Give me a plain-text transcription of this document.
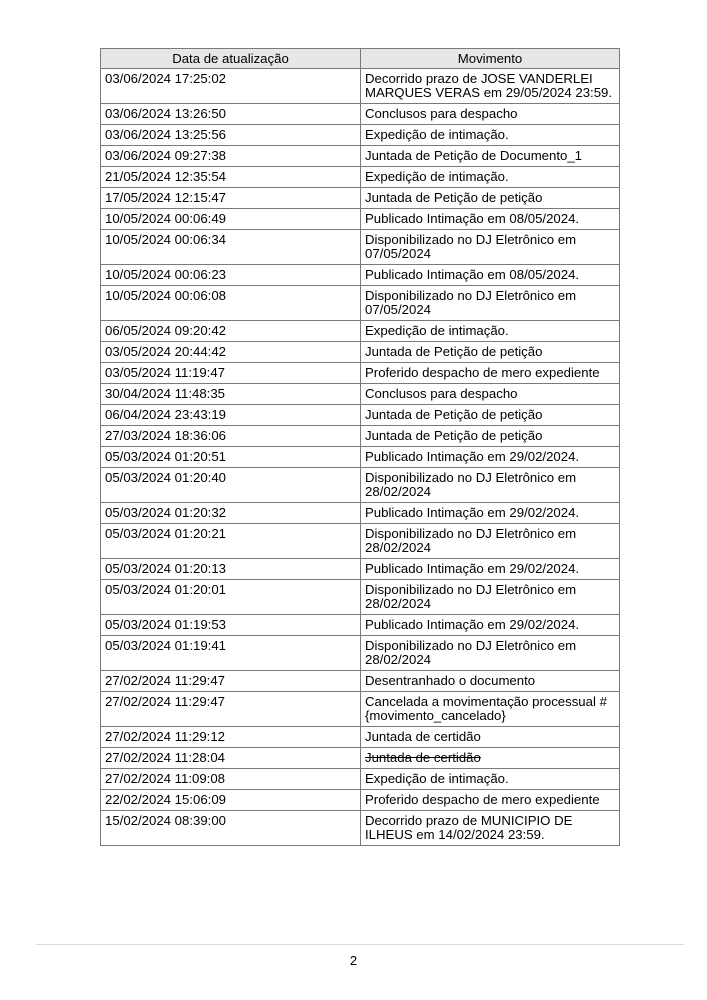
Data de atualização	Movimento
03/06/2024 17:25:02	Decorrido prazo de JOSE VANDERLEI MARQUES VERAS em 29/05/2024 23:59.
03/06/2024 13:26:50	Conclusos para despacho
03/06/2024 13:25:56	Expedição de intimação.
03/06/2024 09:27:38	Juntada de Petição de Documento_1
21/05/2024 12:35:54	Expedição de intimação.
17/05/2024 12:15:47	Juntada de Petição de petição
10/05/2024 00:06:49	Publicado Intimação em 08/05/2024.
10/05/2024 00:06:34	Disponibilizado no DJ Eletrônico em 07/05/2024
10/05/2024 00:06:23	Publicado Intimação em 08/05/2024.
10/05/2024 00:06:08	Disponibilizado no DJ Eletrônico em 07/05/2024
06/05/2024 09:20:42	Expedição de intimação.
03/05/2024 20:44:42	Juntada de Petição de petição
03/05/2024 11:19:47	Proferido despacho de mero expediente
30/04/2024 11:48:35	Conclusos para despacho
06/04/2024 23:43:19	Juntada de Petição de petição
27/03/2024 18:36:06	Juntada de Petição de petição
05/03/2024 01:20:51	Publicado Intimação em 29/02/2024.
05/03/2024 01:20:40	Disponibilizado no DJ Eletrônico em 28/02/2024
05/03/2024 01:20:32	Publicado Intimação em 29/02/2024.
05/03/2024 01:20:21	Disponibilizado no DJ Eletrônico em 28/02/2024
05/03/2024 01:20:13	Publicado Intimação em 29/02/2024.
05/03/2024 01:20:01	Disponibilizado no DJ Eletrônico em 28/02/2024
05/03/2024 01:19:53	Publicado Intimação em 29/02/2024.
05/03/2024 01:19:41	Disponibilizado no DJ Eletrônico em 28/02/2024
27/02/2024 11:29:47	Desentranhado o documento
27/02/2024 11:29:47	Cancelada a movimentação processual #{movimento_cancelado}
27/02/2024 11:29:12	Juntada de certidão
27/02/2024 11:28:04	Juntada de certidão
27/02/2024 11:09:08	Expedição de intimação.
22/02/2024 15:06:09	Proferido despacho de mero expediente
15/02/2024 08:39:00	Decorrido prazo de MUNICIPIO DE ILHEUS em 14/02/2024 23:59.
2
